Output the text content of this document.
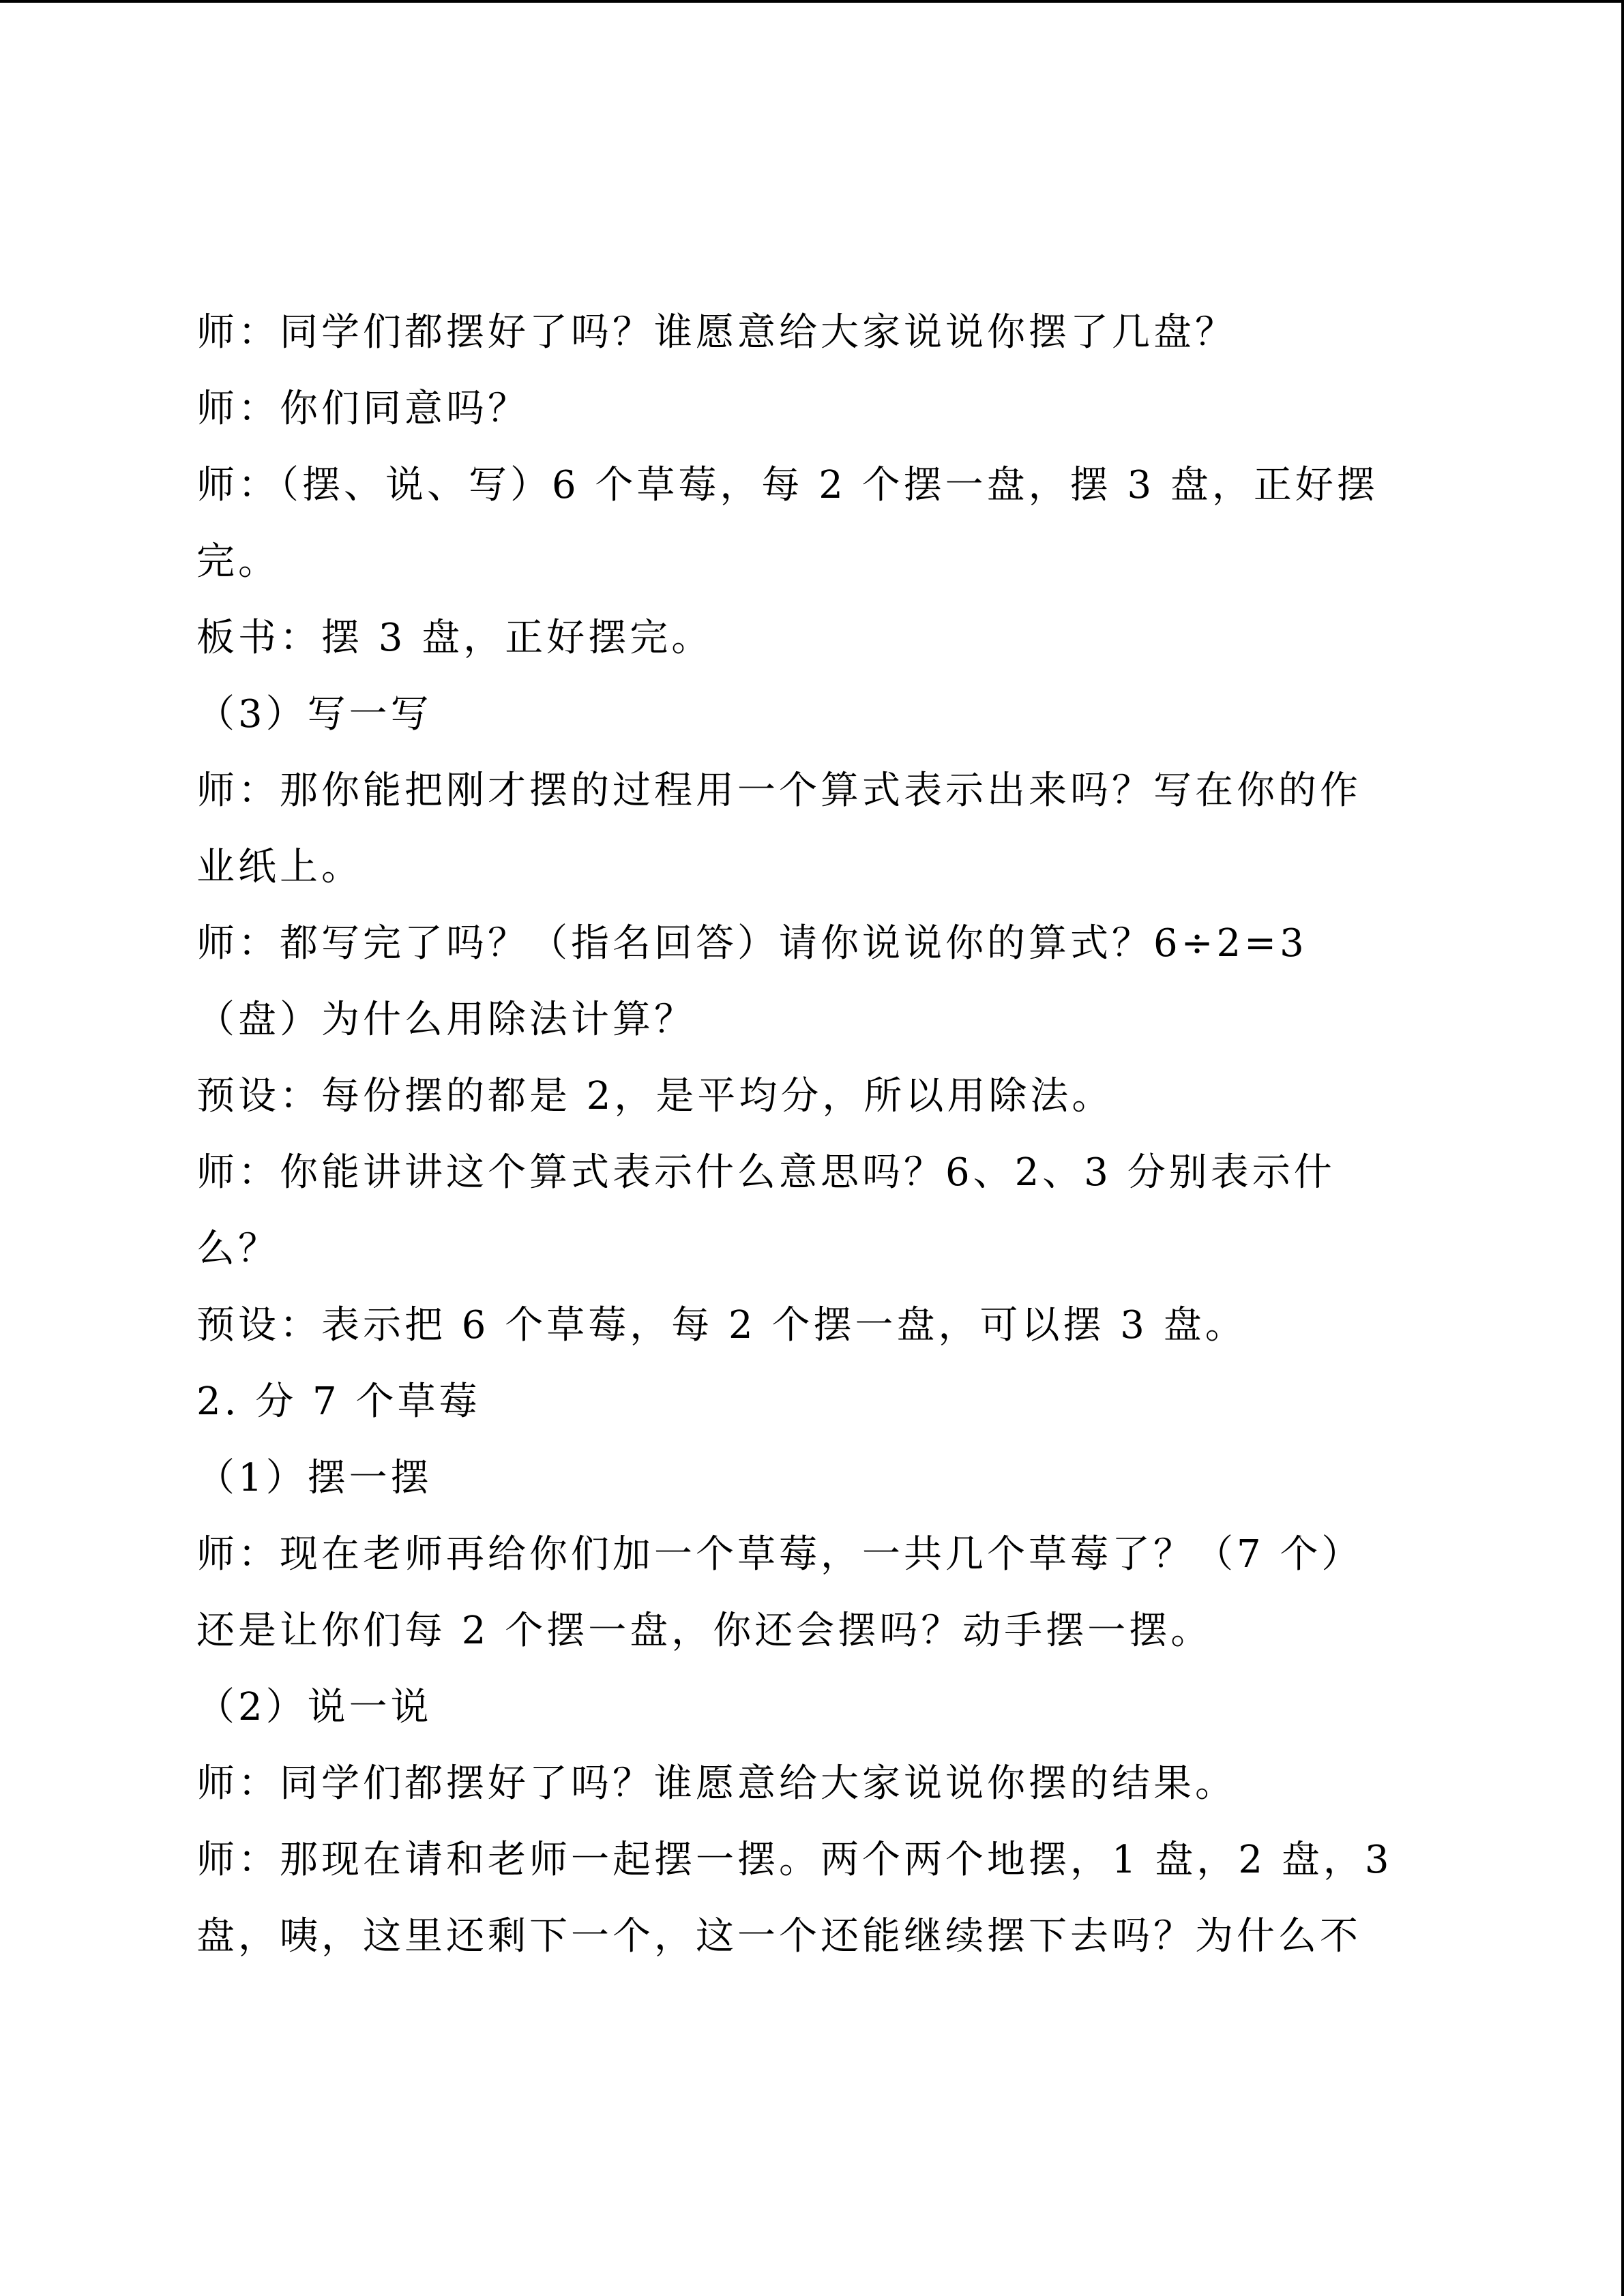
师：同学们都摆好了吗？谁愿意给大家说说你摆了几盘？
师：你们同意吗？
师：（摆、说、写）6 个草莓，每 2 个摆一盘，摆 3 盘，正好摆
完。
板书：摆 3 盘，正好摆完。
（3）写一写
师：那你能把刚才摆的过程用一个算式表示出来吗？写在你的作
业纸上。
师：都写完了吗？（指名回答）请你说说你的算式？6÷2=3
（盘）为什么用除法计算？
预设：每份摆的都是 2，是平均分，所以用除法。
师：你能讲讲这个算式表示什么意思吗？6、2、3 分别表示什
么？
预设：表示把 6 个草莓，每 2 个摆一盘，可以摆 3 盘。
2. 分 7 个草莓
（1）摆一摆
师：现在老师再给你们加一个草莓，一共几个草莓了？（7 个）
还是让你们每 2 个摆一盘，你还会摆吗？动手摆一摆。
（2）说一说
师：同学们都摆好了吗？谁愿意给大家说说你摆的结果。
师：那现在请和老师一起摆一摆。两个两个地摆，1 盘，2 盘，3
盘，咦，这里还剩下一个，这一个还能继续摆下去吗？为什么不
